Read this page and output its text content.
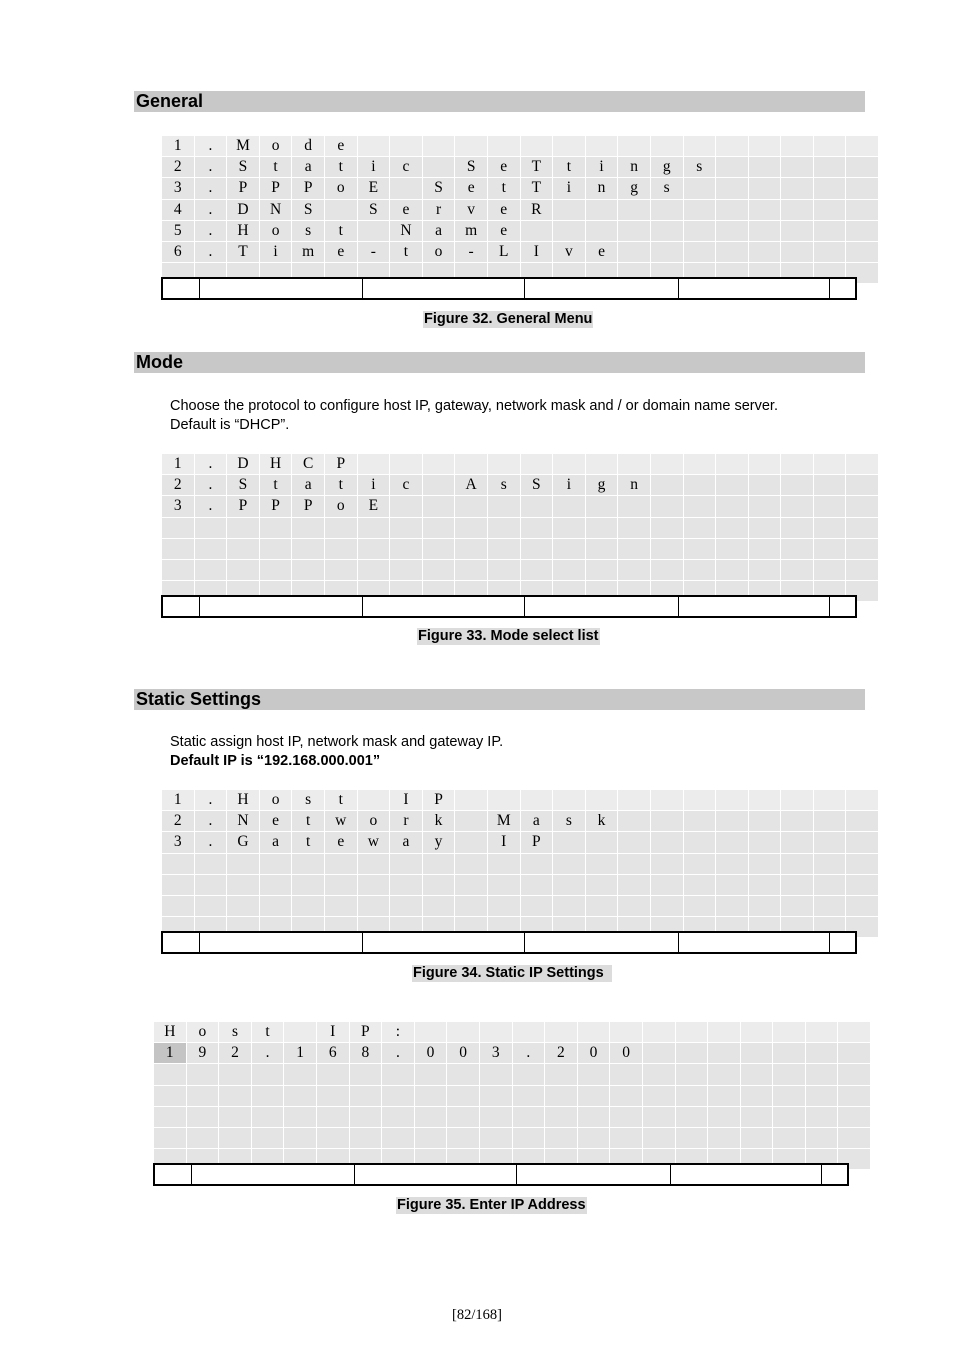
General
1	.	M	o	d	e																
2	.	S	t	a	t	i	c		S	e	T	t	i	n	g	s					
3	.	P	P	P	o	E		S	e	t	T	i	n	g	s						
4	.	D	N	S		S	e	r	v	e	R										
5	.	H	o	s	t		N	a	m	e											
6	.	T	i	m	e	-	t	o	-	L	I	v	e								

Figure 32. General Menu
Mode
Choose the protocol to configure host IP, gateway, network mask and / or domain name server.
Default is “DHCP”.
1	.	D	H	C	P																
2	.	S	t	a	t	i	c		A	s	S	i	g	n							
3	.	P	P	P	o	E															

Figure 33. Mode select list
Static Settings
Static assign host IP, network mask and gateway IP.
Default IP is “192.168.000.001”
1	.	H	o	s	t		I	P													
2	.	N	e	t	w	o	r	k		M	a	s	k								
3	.	G	a	t	e	w	a	y		I	P										

Figure 34. Static IP Settings
H	o	s	t		I	P	:														
1	9	2	.	1	6	8	.	0	0	3	.	2	0	0							

Figure 35. Enter IP Address
[82/168]
